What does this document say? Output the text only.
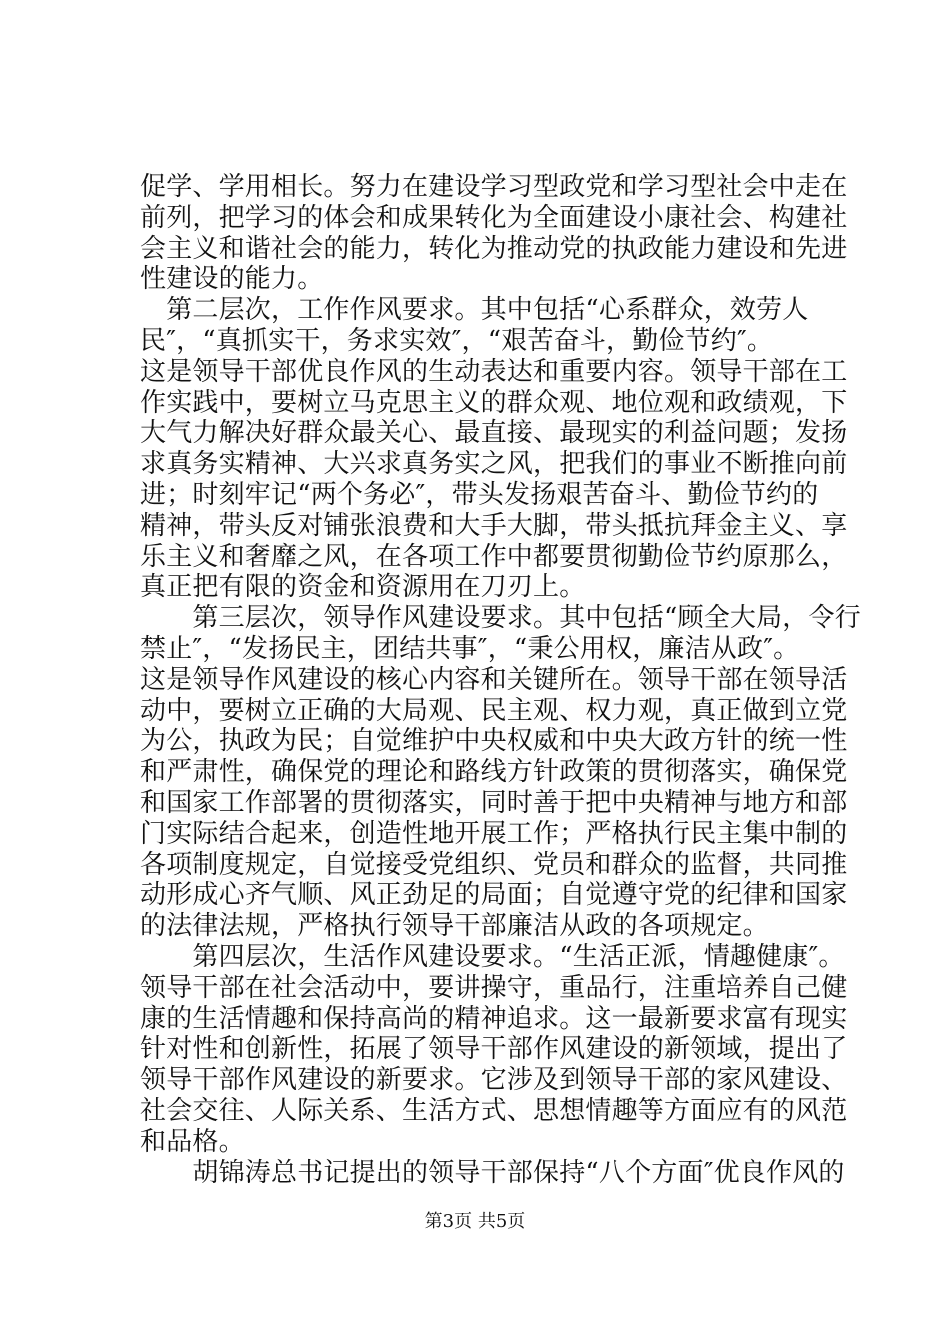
促学、学用相长。努力在建设学习型政党和学习型社会中走在
前列，把学习的体会和成果转化为全面建设小康社会、构建社
会主义和谐社会的能力，转化为推动党的执政能力建设和先进
性建设的能力。
　第二层次，工作作风要求。其中包括“心系群众，效劳人
民″，“真抓实干，务求实效″，“艰苦奋斗，勤俭节约″。
这是领导干部优良作风的生动表达和重要内容。领导干部在工
作实践中，要树立马克思主义的群众观、地位观和政绩观，下
大气力解决好群众最关心、最直接、最现实的利益问题；发扬
求真务实精神、大兴求真务实之风，把我们的事业不断推向前
进；时刻牢记“两个务必″，带头发扬艰苦奋斗、勤俭节约的
精神，带头反对铺张浪费和大手大脚，带头抵抗拜金主义、享
乐主义和奢靡之风，在各项工作中都要贯彻勤俭节约原那么，
真正把有限的资金和资源用在刀刃上。
　　第三层次，领导作风建设要求。其中包括“顾全大局，令行
禁止″，“发扬民主，团结共事″，“秉公用权，廉洁从政″。
这是领导作风建设的核心内容和关键所在。领导干部在领导活
动中，要树立正确的大局观、民主观、权力观，真正做到立党
为公，执政为民；自觉维护中央权威和中央大政方针的统一性
和严肃性，确保党的理论和路线方针政策的贯彻落实，确保党
和国家工作部署的贯彻落实，同时善于把中央精神与地方和部
门实际结合起来，创造性地开展工作；严格执行民主集中制的
各项制度规定，自觉接受党组织、党员和群众的监督，共同推
动形成心齐气顺、风正劲足的局面；自觉遵守党的纪律和国家
的法律法规，严格执行领导干部廉洁从政的各项规定。
　　第四层次，生活作风建设要求。“生活正派，情趣健康″。
领导干部在社会活动中，要讲操守，重品行，注重培养自己健
康的生活情趣和保持高尚的精神追求。这一最新要求富有现实
针对性和创新性，拓展了领导干部作风建设的新领域，提出了
领导干部作风建设的新要求。它涉及到领导干部的家风建设、
社会交往、人际关系、生活方式、思想情趣等方面应有的风范
和品格。
　　胡锦涛总书记提出的领导干部保持“八个方面″优良作风的
第3页 共5页
